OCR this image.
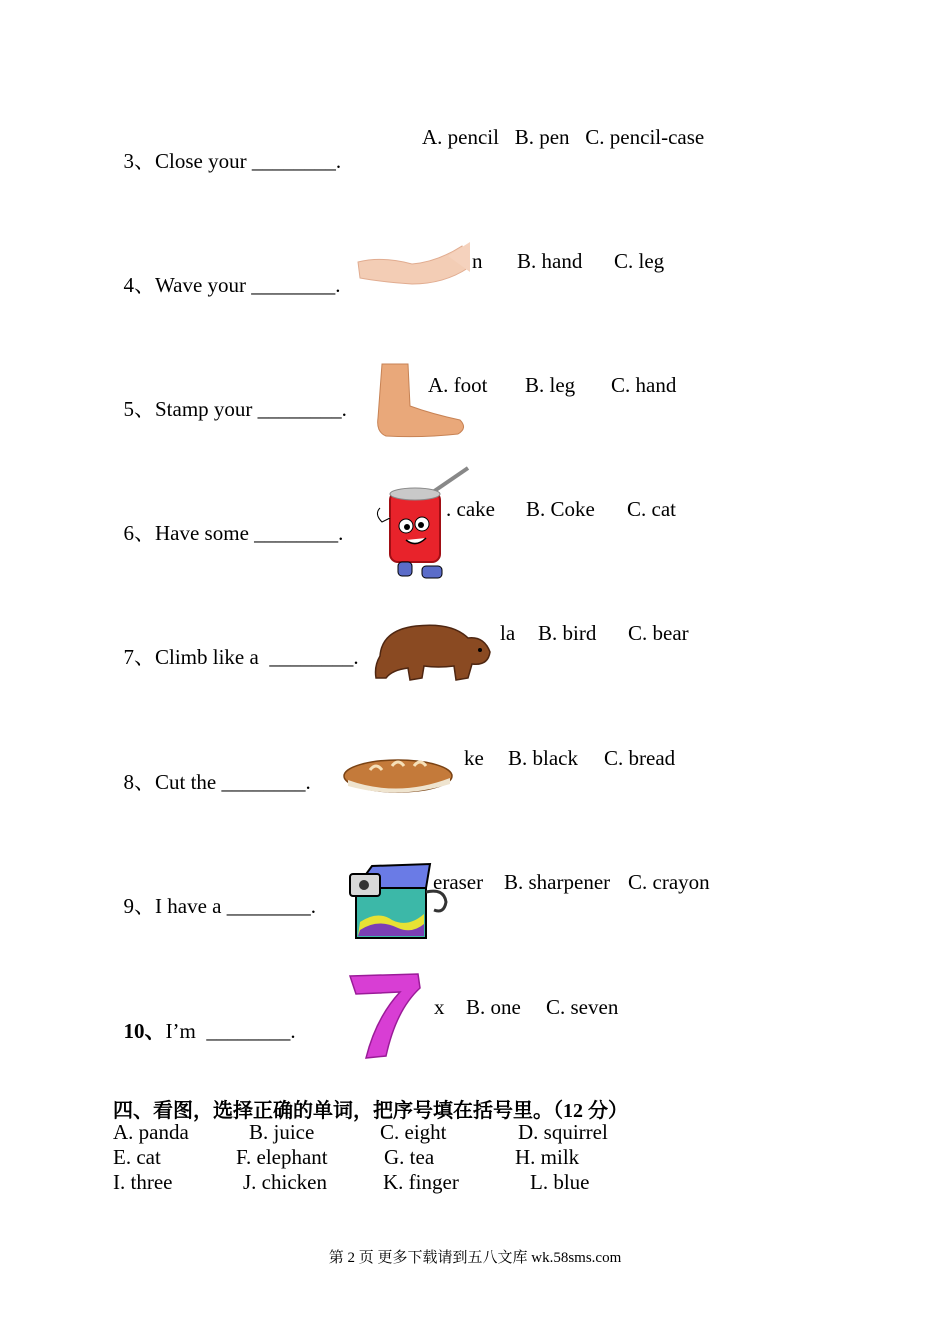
3、Close your ________.

A. pencil   B. pen   C. pencil-case

4、Wave your ________.

n B. hand C. leg

5、Stamp your ________.

A. foot B. leg C. hand

6、Have some ________.

. cake B. Coke C. cat

7、Climb like a  ________.

la B. bird C. bear

8、Cut the ________.

ke B. black C. bread

9、I have a ________.

eraser B. sharpener C. crayon

10、I’m  ________.

x B. one C. seven
四、看图，选择正确的单词，把序号填在括号里。（12 分）
A. panda	B. juice	C. eight	D. squirrel
E. cat	F. elephant	G. tea	H. milk
I. three	J. chicken	K. finger	L. blue
第 2 页 更多下载请到五八文库 wk.58sms.com
